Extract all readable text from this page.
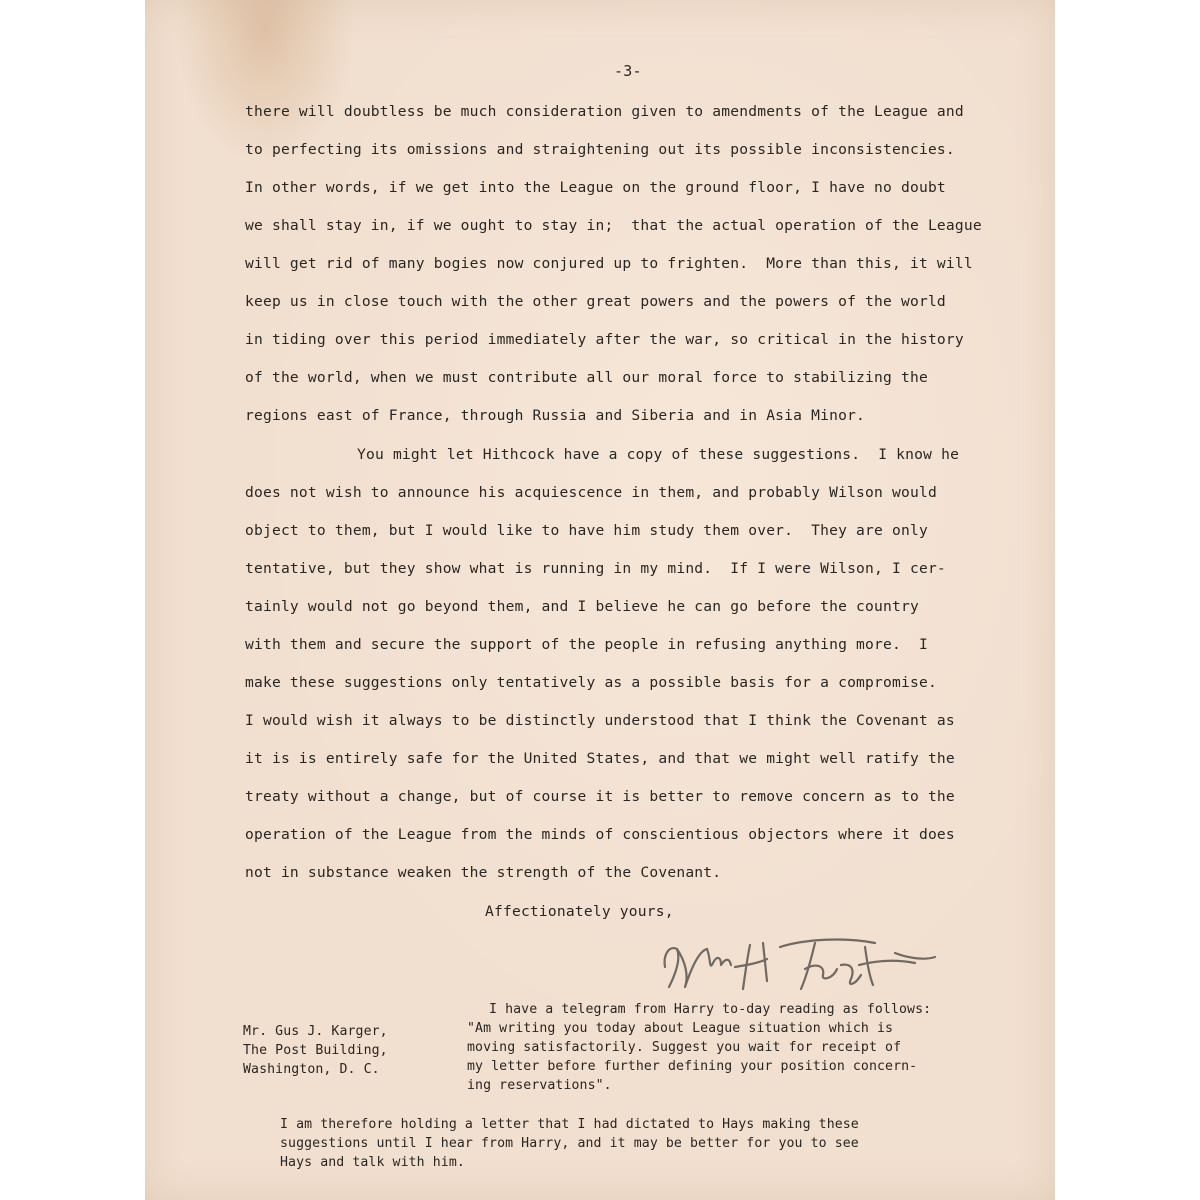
-3-
there will doubtless be much consideration given to amendments of the League and
to perfecting its omissions and straightening out its possible inconsistencies.
In other words, if we get into the League on the ground floor, I have no doubt
we shall stay in, if we ought to stay in;  that the actual operation of the League
will get rid of many bogies now conjured up to frighten.  More than this, it will
keep us in close touch with the other great powers and the powers of the world
in tiding over this period immediately after the war, so critical in the history
of the world, when we must contribute all our moral force to stabilizing the
regions east of France, through Russia and Siberia and in Asia Minor.
You might let Hithcock have a copy of these suggestions.  I know he
does not wish to announce his acquiescence in them, and probably Wilson would
object to them, but I would like to have him study them over.  They are only
tentative, but they show what is running in my mind.  If I were Wilson, I cer-
tainly would not go beyond them, and I believe he can go before the country
with them and secure the support of the people in refusing anything more.  I
make these suggestions only tentatively as a possible basis for a compromise.
I would wish it always to be distinctly understood that I think the Covenant as
it is is entirely safe for the United States, and that we might well ratify the
treaty without a change, but of course it is better to remove concern as to the
operation of the League from the minds of conscientious objectors where it does
not in substance weaken the strength of the Covenant.
Affectionately yours,
Mr. Gus J. Karger,
The Post Building,
Washington, D. C.
I have a telegram from Harry to-day reading as follows:
"Am writing you today about League situation which is
moving satisfactorily. Suggest you wait for receipt of
my letter before further defining your position concern-
ing reservations".
I am therefore holding a letter that I had dictated to Hays making these
suggestions until I hear from Harry, and it may be better for you to see
Hays and talk with him.
